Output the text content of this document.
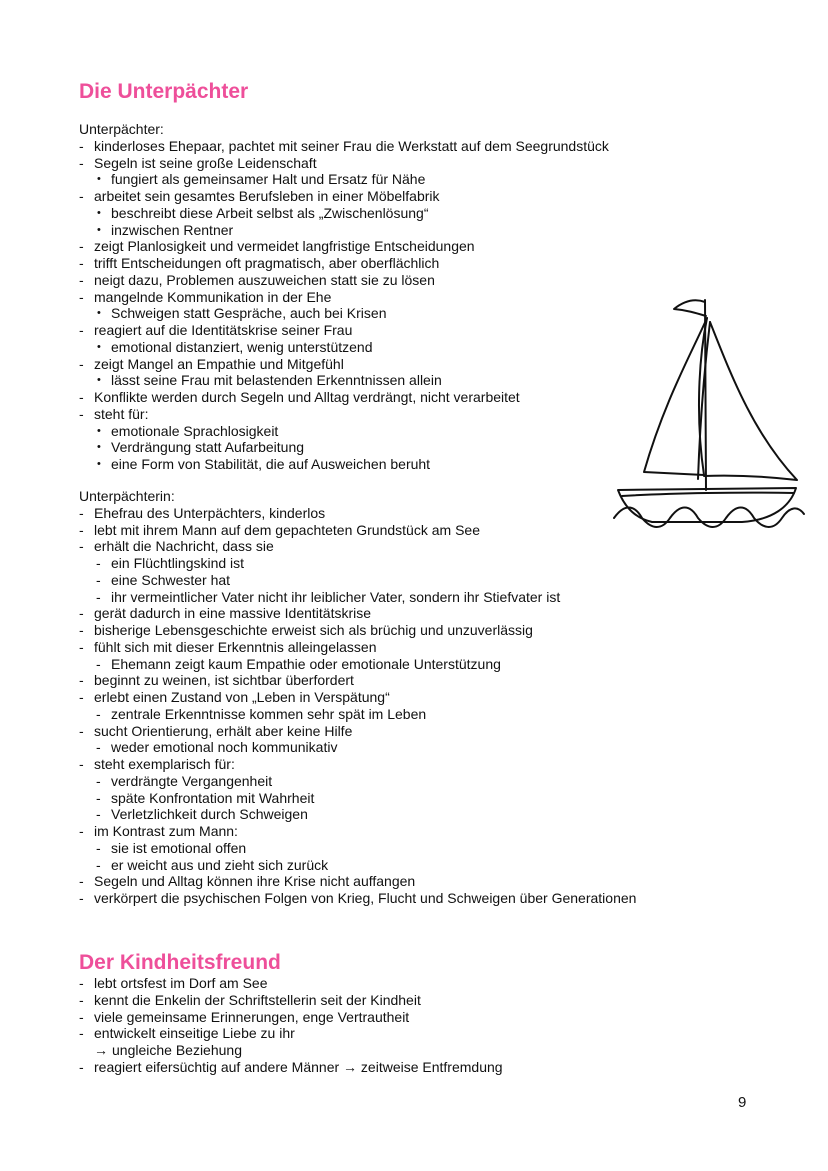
Die Unterpächter
Unterpächter:
- kinderloses Ehepaar, pachtet mit seiner Frau die Werkstatt auf dem Seegrundstück
- Segeln ist seine große Leidenschaft
• fungiert als gemeinsamer Halt und Ersatz für Nähe
- arbeitet sein gesamtes Berufsleben in einer Möbelfabrik
• beschreibt diese Arbeit selbst als „Zwischenlösung“
• inzwischen Rentner
- zeigt Planlosigkeit und vermeidet langfristige Entscheidungen
- trifft Entscheidungen oft pragmatisch, aber oberflächlich
- neigt dazu, Problemen auszuweichen statt sie zu lösen
- mangelnde Kommunikation in der Ehe
• Schweigen statt Gespräche, auch bei Krisen
- reagiert auf die Identitätskrise seiner Frau
• emotional distanziert, wenig unterstützend
- zeigt Mangel an Empathie und Mitgefühl
• lässt seine Frau mit belastenden Erkenntnissen allein
- Konflikte werden durch Segeln und Alltag verdrängt, nicht verarbeitet
- steht für:
• emotionale Sprachlosigkeit
• Verdrängung statt Aufarbeitung
• eine Form von Stabilität, die auf Ausweichen beruht
Unterpächterin:
- Ehefrau des Unterpächters, kinderlos
- lebt mit ihrem Mann auf dem gepachteten Grundstück am See
- erhält die Nachricht, dass sie
- ein Flüchtlingskind ist
- eine Schwester hat
- ihr vermeintlicher Vater nicht ihr leiblicher Vater, sondern ihr Stiefvater ist
- gerät dadurch in eine massive Identitätskrise
- bisherige Lebensgeschichte erweist sich als brüchig und unzuverlässig
- fühlt sich mit dieser Erkenntnis alleingelassen
- Ehemann zeigt kaum Empathie oder emotionale Unterstützung
- beginnt zu weinen, ist sichtbar überfordert
- erlebt einen Zustand von „Leben in Verspätung“
- zentrale Erkenntnisse kommen sehr spät im Leben
- sucht Orientierung, erhält aber keine Hilfe
- weder emotional noch kommunikativ
- steht exemplarisch für:
- verdrängte Vergangenheit
- späte Konfrontation mit Wahrheit
- Verletzlichkeit durch Schweigen
- im Kontrast zum Mann:
- sie ist emotional offen
- er weicht aus und zieht sich zurück
- Segeln und Alltag können ihre Krise nicht auffangen
- verkörpert die psychischen Folgen von Krieg, Flucht und Schweigen über Generationen
Der Kindheitsfreund
- lebt ortsfest im Dorf am See
- kennt die Enkelin der Schriftstellerin seit der Kindheit
- viele gemeinsame Erinnerungen, enge Vertrautheit
- entwickelt einseitige Liebe zu ihr
→ ungleiche Beziehung
- reagiert eifersüchtig auf andere Männer → zeitweise Entfremdung
9
